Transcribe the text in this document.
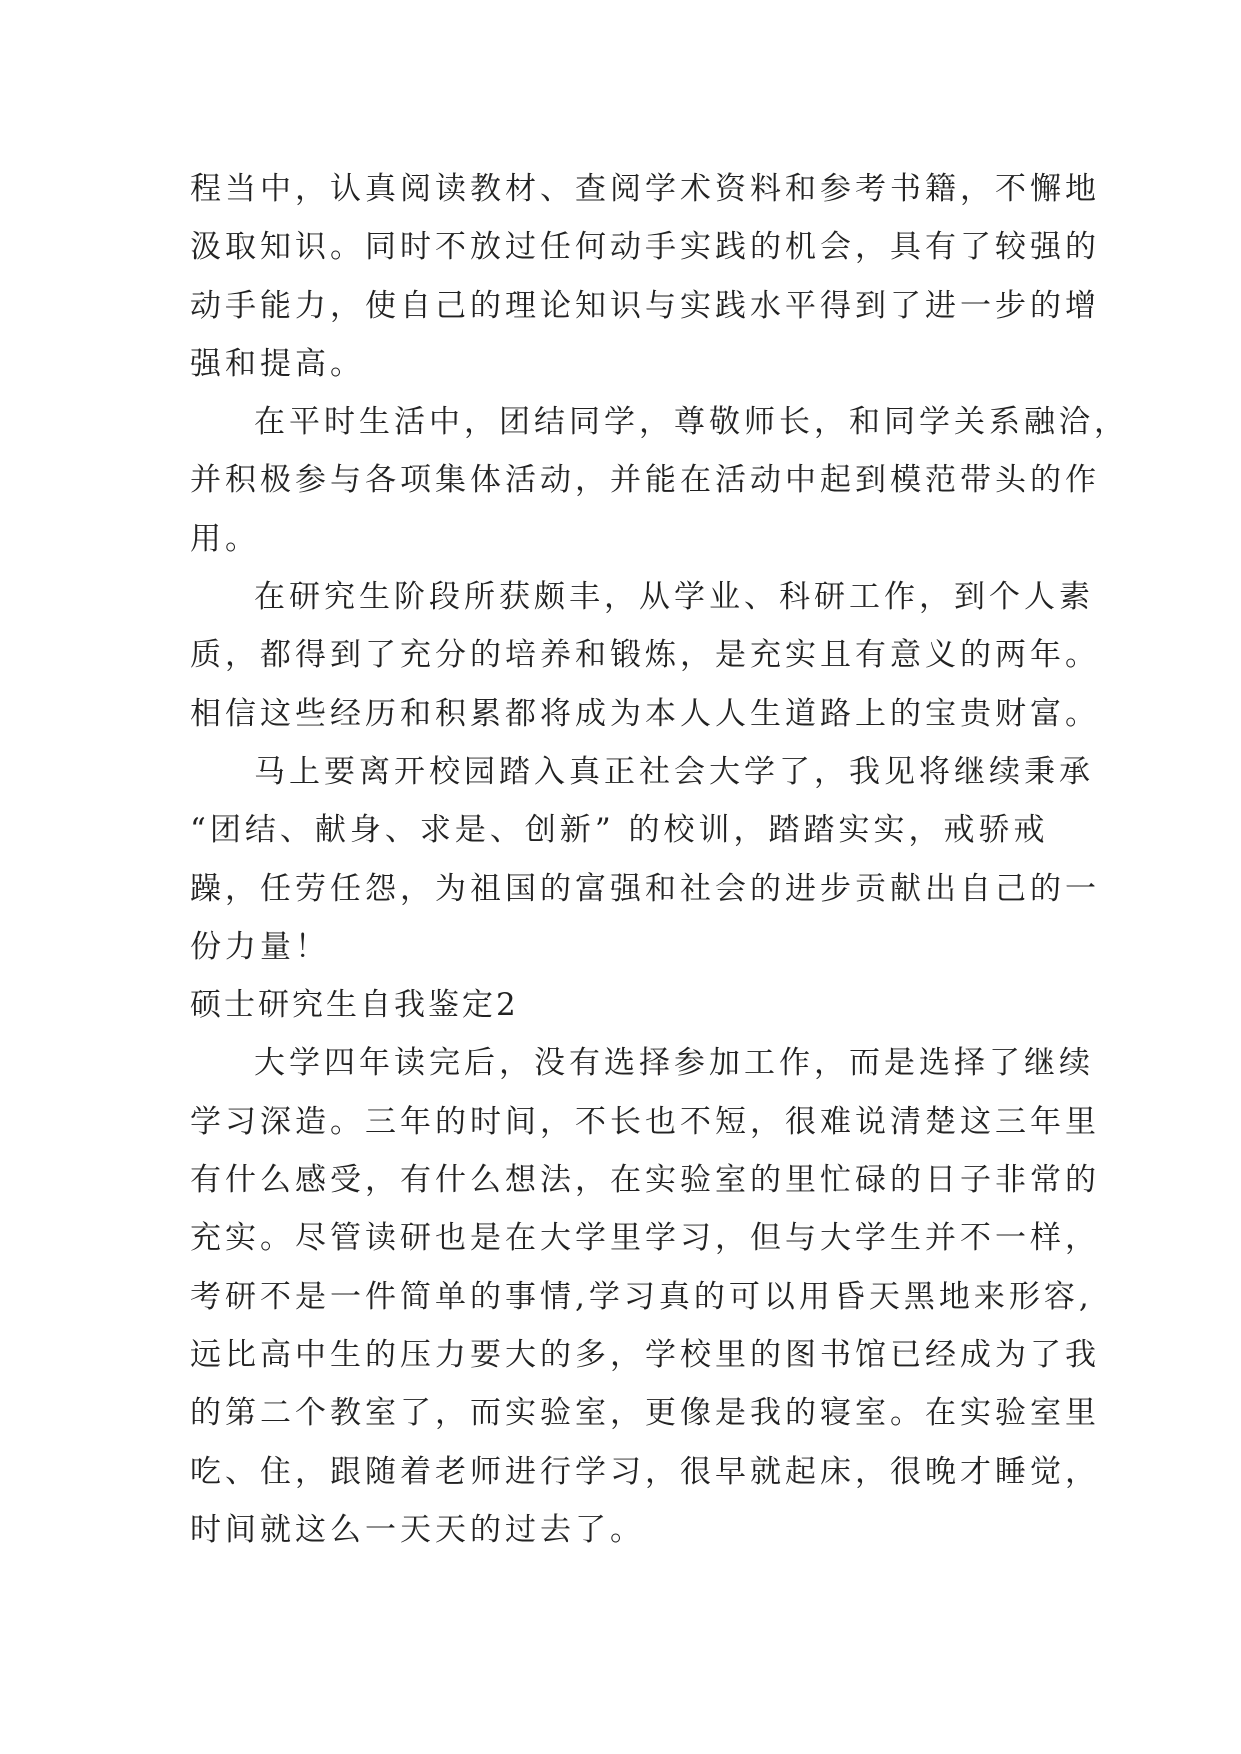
程当中，认真阅读教材、查阅学术资料和参考书籍，不懈地
汲取知识。同时不放过任何动手实践的机会，具有了较强的
动手能力，使自己的理论知识与实践水平得到了进一步的增
强和提高。
在平时生活中，团结同学，尊敬师长，和同学关系融洽，
并积极参与各项集体活动，并能在活动中起到模范带头的作
用。
在研究生阶段所获颇丰，从学业、科研工作，到个人素
质，都得到了充分的培养和锻炼，是充实且有意义的两年。
相信这些经历和积累都将成为本人人生道路上的宝贵财富。
马上要离开校园踏入真正社会大学了，我见将继续秉承
“团结、献身、求是、创新” 的校训，踏踏实实，戒骄戒
躁，任劳任怨，为祖国的富强和社会的进步贡献出自己的一
份力量！
硕士研究生自我鉴定2
大学四年读完后，没有选择参加工作，而是选择了继续
学习深造。三年的时间，不长也不短，很难说清楚这三年里
有什么感受，有什么想法，在实验室的里忙碌的日子非常的
充实。尽管读研也是在大学里学习，但与大学生并不一样，
考研不是一件简单的事情,学习真的可以用昏天黑地来形容,
远比高中生的压力要大的多，学校里的图书馆已经成为了我
的第二个教室了，而实验室，更像是我的寝室。在实验室里
吃、住，跟随着老师进行学习，很早就起床，很晚才睡觉，
时间就这么一天天的过去了。
